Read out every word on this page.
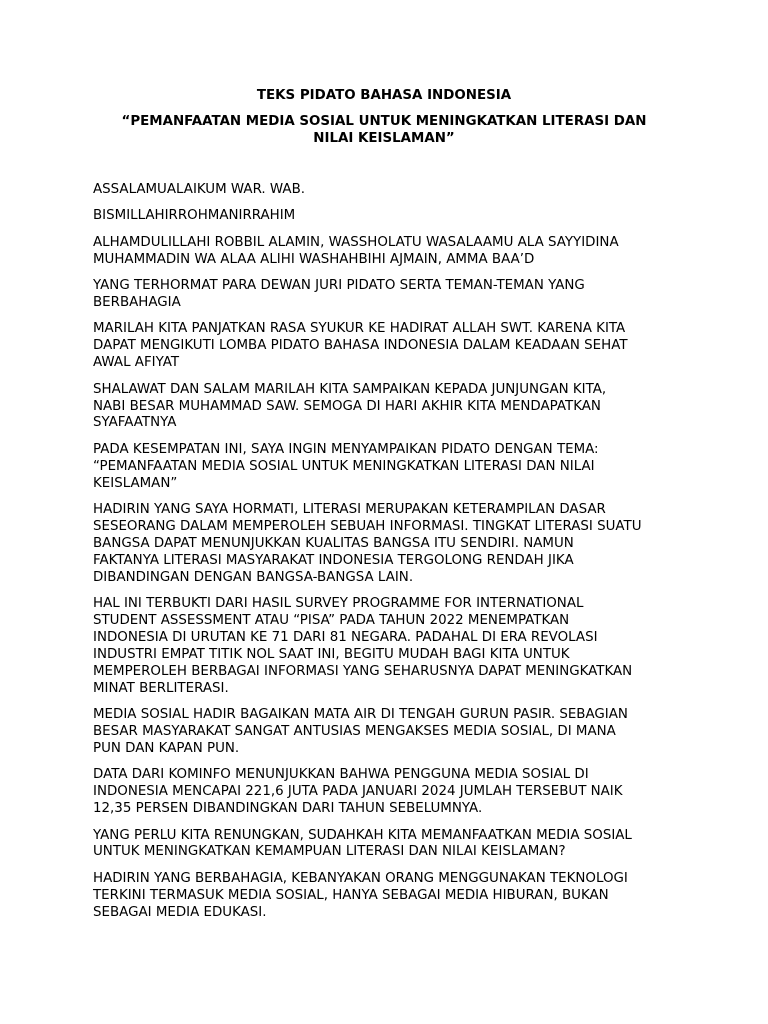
TEKS PIDATO BAHASA INDONESIA
“PEMANFAATAN MEDIA SOSIAL UNTUK MENINGKATKAN LITERASI DAN
NILAI KEISLAMAN”

ASSALAMUALAIKUM WAR. WAB.

BISMILLAHIRROHMANIRRAHIM

ALHAMDULILLAHI ROBBIL ALAMIN, WASSHOLATU WASALAAMU ALA SAYYIDINA
MUHAMMADIN WA ALAA ALIHI WASHAHBIHI AJMAIN, AMMA BAA’D

YANG TERHORMAT PARA DEWAN JURI PIDATO SERTA TEMAN-TEMAN YANG
BERBAHAGIA

MARILAH KITA PANJATKAN RASA SYUKUR KE HADIRAT ALLAH SWT. KARENA KITA
DAPAT MENGIKUTI LOMBA PIDATO BAHASA INDONESIA DALAM KEADAAN SEHAT
AWAL AFIYAT

SHALAWAT DAN SALAM MARILAH KITA SAMPAIKAN KEPADA JUNJUNGAN KITA,
NABI BESAR MUHAMMAD SAW. SEMOGA DI HARI AKHIR KITA MENDAPATKAN
SYAFAATNYA

PADA KESEMPATAN INI, SAYA INGIN MENYAMPAIKAN PIDATO DENGAN TEMA:
“PEMANFAATAN MEDIA SOSIAL UNTUK MENINGKATKAN LITERASI DAN NILAI
KEISLAMAN”

HADIRIN YANG SAYA HORMATI, LITERASI MERUPAKAN KETERAMPILAN DASAR
SESEORANG DALAM MEMPEROLEH SEBUAH INFORMASI. TINGKAT LITERASI SUATU
BANGSA DAPAT MENUNJUKKAN KUALITAS BANGSA ITU SENDIRI. NAMUN
FAKTANYA LITERASI MASYARAKAT INDONESIA TERGOLONG RENDAH JIKA
DIBANDINGAN DENGAN BANGSA-BANGSA LAIN.

HAL INI TERBUKTI DARI HASIL SURVEY PROGRAMME FOR INTERNATIONAL
STUDENT ASSESSMENT ATAU “PISA” PADA TAHUN 2022 MENEMPATKAN
INDONESIA DI URUTAN KE 71 DARI 81 NEGARA. PADAHAL DI ERA REVOLASI
INDUSTRI EMPAT TITIK NOL SAAT INI, BEGITU MUDAH BAGI KITA UNTUK
MEMPEROLEH BERBAGAI INFORMASI YANG SEHARUSNYA DAPAT MENINGKATKAN
MINAT BERLITERASI.

MEDIA SOSIAL HADIR BAGAIKAN MATA AIR DI TENGAH GURUN PASIR. SEBAGIAN
BESAR MASYARAKAT SANGAT ANTUSIAS MENGAKSES MEDIA SOSIAL, DI MANA
PUN DAN KAPAN PUN.

DATA DARI KOMINFO MENUNJUKKAN BAHWA PENGGUNA MEDIA SOSIAL DI
INDONESIA MENCAPAI 221,6 JUTA PADA JANUARI 2024 JUMLAH TERSEBUT NAIK
12,35 PERSEN DIBANDINGKAN DARI TAHUN SEBELUMNYA.

YANG PERLU KITA RENUNGKAN, SUDAHKAH KITA MEMANFAATKAN MEDIA SOSIAL
UNTUK MENINGKATKAN KEMAMPUAN LITERASI DAN NILAI KEISLAMAN?

HADIRIN YANG BERBAHAGIA, KEBANYAKAN ORANG MENGGUNAKAN TEKNOLOGI
TERKINI TERMASUK MEDIA SOSIAL, HANYA SEBAGAI MEDIA HIBURAN, BUKAN
SEBAGAI MEDIA EDUKASI.
